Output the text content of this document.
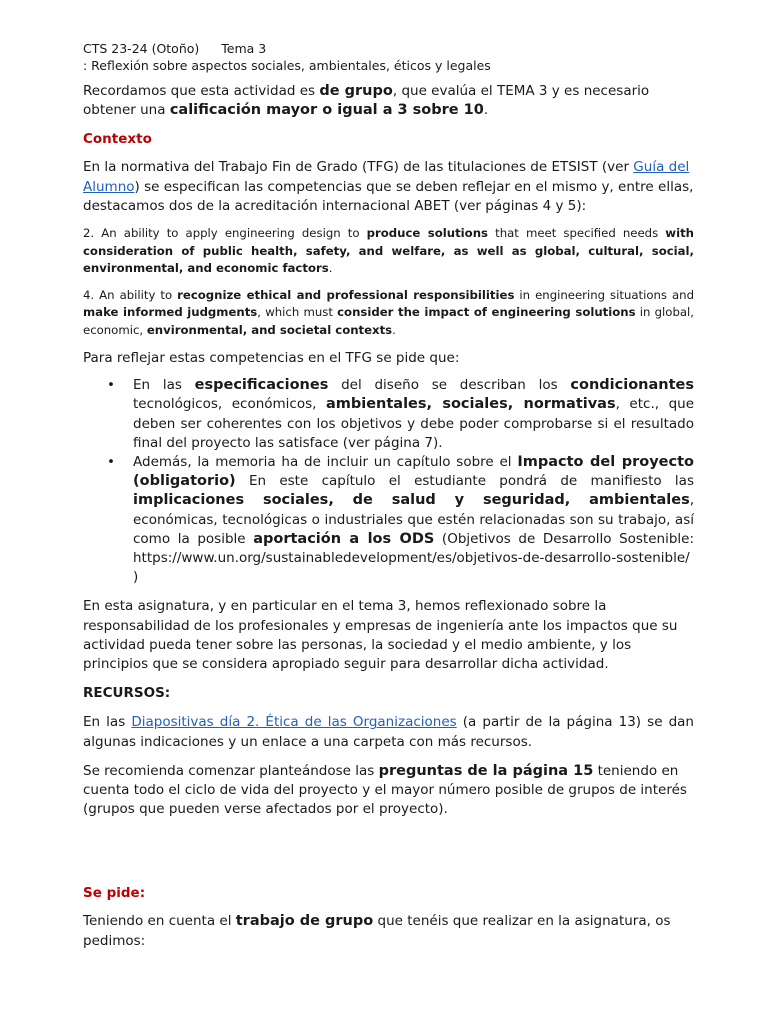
CTS 23-24 (Otoño) Tema 3

: Reflexión sobre aspectos sociales, ambientales, éticos y legales

Recordamos que esta actividad es de grupo, que evalúa el TEMA 3 y es necesario obtener una calificación mayor o igual a 3 sobre 10.

Contexto

En la normativa del Trabajo Fin de Grado (TFG) de las titulaciones de ETSIST (ver Guía del Alumno) se especifican las competencias que se deben reflejar en el mismo y, entre ellas, destacamos dos de la acreditación internacional ABET (ver páginas 4 y 5):

2. An ability to apply engineering design to produce solutions that meet specified needs with consideration of public health, safety, and welfare, as well as global, cultural, social, environmental, and economic factors.

4. An ability to recognize ethical and professional responsibilities in engineering situations and make informed judgments, which must consider the impact of engineering solutions in global, economic, environmental, and societal contexts.

Para reflejar estas competencias en el TFG se pide que:

• En las especificaciones del diseño se describan los condicionantes tecnológicos, económicos, ambientales, sociales, normativas, etc., que deben ser coherentes con los objetivos y debe poder comprobarse si el resultado final del proyecto las satisface (ver página 7).
• Además, la memoria ha de incluir un capítulo sobre el Impacto del proyecto (obligatorio) En este capítulo el estudiante pondrá de manifiesto las implicaciones sociales, de salud y seguridad, ambientales, económicas, tecnológicas o industriales que estén relacionadas son su trabajo, así como la posible aportación a los ODS (Objetivos de Desarrollo Sostenible: https://www.un.org/sustainabledevelopment/es/objetivos-de-desarrollo-sostenible/ )

En esta asignatura, y en particular en el tema 3, hemos reflexionado sobre la responsabilidad de los profesionales y empresas de ingeniería ante los impactos que su actividad pueda tener sobre las personas, la sociedad y el medio ambiente, y los principios que se considera apropiado seguir para desarrollar dicha actividad.

RECURSOS:

En las Diapositivas día 2. Ética de las Organizaciones (a partir de la página 13) se dan algunas indicaciones y un enlace a una carpeta con más recursos.

Se recomienda comenzar planteándose las preguntas de la página 15 teniendo en cuenta todo el ciclo de vida del proyecto y el mayor número posible de grupos de interés (grupos que pueden verse afectados por el proyecto).

Se pide:

Teniendo en cuenta el trabajo de grupo que tenéis que realizar en la asignatura, os pedimos:
